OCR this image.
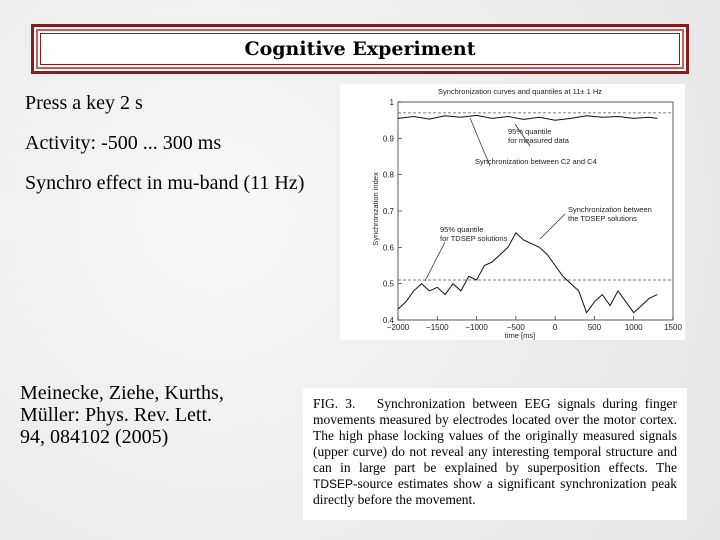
Cognitive Experiment

Press a key 2 s

Activity: -500 ... 300 ms

Synchro effect in mu-band (11 Hz)

Meinecke, Ziehe, Kurths,

Müller: Phys. Rev. Lett.

94, 084102 (2005)

Synchronization curves and quantiles at 11± 1 Hz
Synchronization index
time [ms]
0.4
0.5
0.6
0.7
0.8
0.9
1
−2000 −1500 −1000 −500	0	500	1000	1500
95% quantile
for measured data
Synchronization between C2 and C4
Synchronization between
the TDSEP solutions
95% quantile
for TDSEP solutions

FIG. 3. Synchronization between EEG signals during finger movements measured by electrodes located over the motor cortex. The high phase locking values of the originally measured signals (upper curve) do not reveal any interesting temporal structure and can in large part be explained by superposition effects. The TDSEP-source estimates show a significant synchronization peak directly before the movement.
